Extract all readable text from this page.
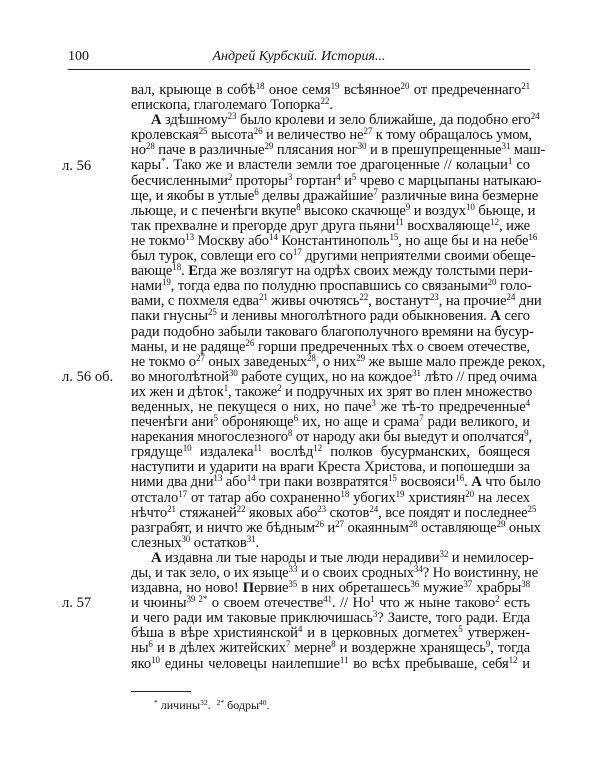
100	Андрей Курбский. История...
вал, крыюще в собѣ$^{18}$ оное семя$^{19}$ всѣянное$^{20}$ от предреченнаго$^{21}$
епископа, глаголемаго Топорка$^{22}$.
А здѣшному$^{23}$ было кролеви и зело ближайше, да подобно его$^{24}$
кролевская$^{25}$ высота$^{26}$ и величество $не^{27}$ к тому обращалось умом,
$но^{28}$ паче в различные$^{29}$ плясания ног$^{30}$ и в прешупрещенные$^{31}$ маш-
кары*. Тако же и властели земли тое драгоценные // колацыи$^1$ со
бесчисленными$^2$ проторы$^3$ гортан$^4$ $и^5$ чрево с марцыпаны натыкаю-
ще, и якобы в утлые$^6$ делвы дражайшие$^7$ различные вина безмерне
льюще, и с печенѣги вкупе$^8$ высоко скачюще$^9$ и воздух$^{10}$ бьюще, и
так прехвалне и прегорде друг друга пьяни$^{11}$ восхваляюще$^{12}$, иже
не токмо$^{13}$ Москву або$^{14}$ Константинополь$^{15}$, но аще бы и на небе$^{16}$
был турок, совлещи его $со^{17}$ другими неприятелми своими обеще-
вающе$^{18}$. Егда же возлягут на одрѣх своих между толстыми пери-
нами$^{19}$, тогда едва по полудню проспавшись со связаными$^{20}$ голо-
вами, с похмеля едва$^{21}$ живы очютясь$^{22}$, востанут$^{23}$, на прочие$^{24}$ дни
паки гнусны$^{25}$ и ленивы многолѣтного ради обыкновения. А сего
ради подобно забыли таковаго благополучного времяни на бусур-
маны, и не радяще$^{26}$ горши предреченных тѣх о своем отечестве,
не токмо $о^{27}$ оных заведеных$^{28}$, о них$^{29}$ же выше мало прежде рекох,
во многолѣтной$^{30}$ работе сущих, но на кождое$^{31}$ лѣто // пред очима
их жен и дѣток$^1$, такоже$^2$ и подручных их зрят во плен множество
веденных, не пекущеся о них, но паче$^3$ же тѣ-то предреченные$^4$
печенѣги ани$^5$ оброняюще$^6$ их, но аще и срама$^7$ ради великого, и
нарекания многослезного$^8$ от народу аки бы выедут и ополчатся$^9$,
грядуще$^{10}$ издалека$^{11}$ вослѣд$^{12}$ полков бусурманских, боящеся
наступити и ударити на враги Креста Христова, и попошедши за
ними два дни$^{13}$ або$^{14}$ три паки возвратятся$^{15}$ восвояси$^{16}$. А что было
отстало$^{17}$ от татар або сохраненно$^{18}$ убогих$^{19}$ християн$^{20}$ на лесех
нѣчто$^{21}$ стяжаней$^{22}$ яковых або$^{23}$ скотов$^{24}$, все поядят и последнее$^{25}$
разграбят, и ничто же бѣдным$^{26}$ $и^{27}$ окаянным$^{28}$ оставляюще$^{29}$ оных
слезных$^{30}$ остатков$^{31}$.
А издавна ли тые народы и тые люди нерадиви$^{32}$ и немилосер-
ды, и так зело, о их языце$^{33}$ и о своих сродных$^{34}$? Но воистинну, не
издавна, но ново! Первие$^{35}$ в них обреташесь$^{36}$ мужие$^{37}$ храбры$^{38}$
и чюины$^{39 2*}$ о своем отечестве$^{41}$. // $Но^1$ что ж ныне таково$^2$ есть
и чего ради им таковые приключишась$^3$? Заисте, того ради. Егда
бѣша в вѣре християнской$^4$ и в церковных догметех$^5$ утвержен-
$ны^6$ и в дѣлех житейских$^7$ мерне$^8$ и воздержне хранящесь$^9$, тогда
яко$^{10}$ едины человецы наилепшие$^{11}$ во всѣх пребываше, себя$^{12}$ и
л. 56
л. 56 об.
л. 57
* личины$^{32}$.  $^{2*}$ бодры$^{40}$.
